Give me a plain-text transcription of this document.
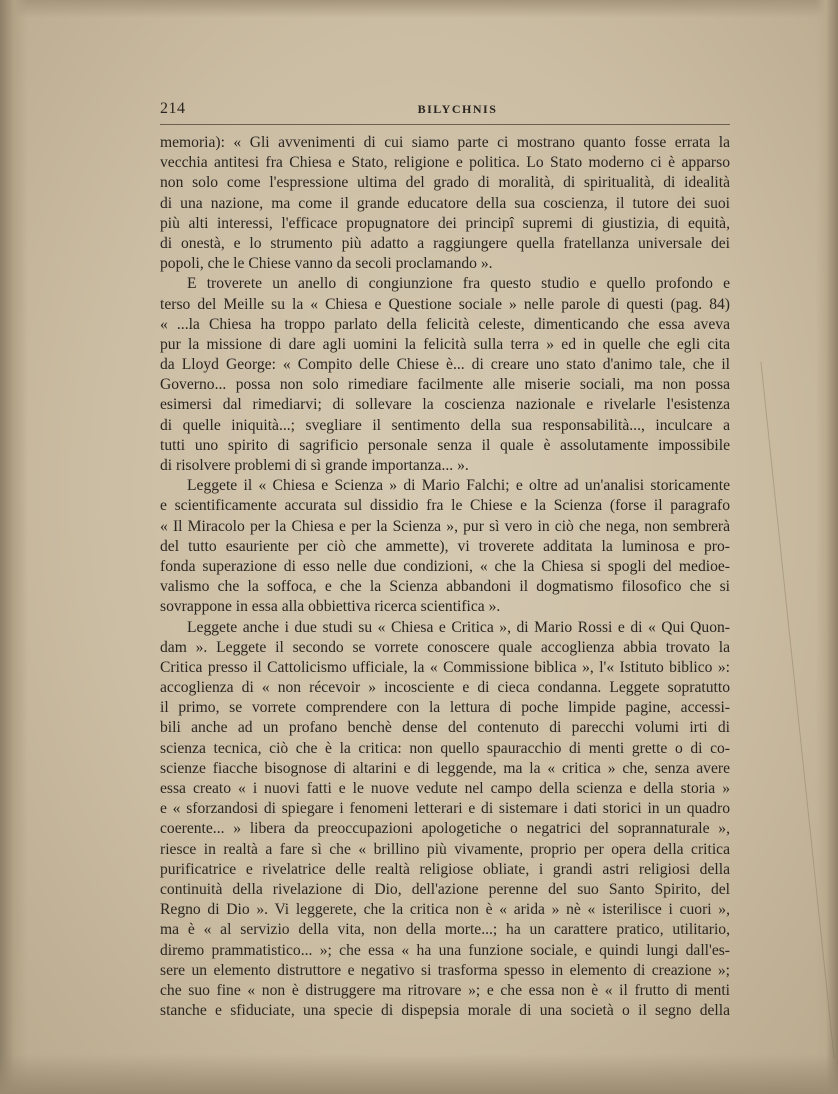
214	BILYCHNIS
memoria): « Gli avvenimenti di cui siamo parte ci mostrano quanto fosse errata la
vecchia antitesi fra Chiesa e Stato, religione e politica. Lo Stato moderno ci è apparso
non solo come l'espressione ultima del grado di moralità, di spiritualità, di idealità
di una nazione, ma come il grande educatore della sua coscienza, il tutore dei suoi
più alti interessi, l'efficace propugnatore dei principî supremi di giustizia, di equità,
di onestà, e lo strumento più adatto a raggiungere quella fratellanza universale dei
popoli, che le Chiese vanno da secoli proclamando ».
E troverete un anello di congiunzione fra questo studio e quello profondo e
terso del Meille su la « Chiesa e Questione sociale » nelle parole di questi (pag. 84)
« ...la Chiesa ha troppo parlato della felicità celeste, dimenticando che essa aveva
pur la missione di dare agli uomini la felicità sulla terra » ed in quelle che egli cita
da Lloyd George: « Compito delle Chiese è... di creare uno stato d'animo tale, che il
Governo... possa non solo rimediare facilmente alle miserie sociali, ma non possa
esimersi dal rimediarvi; di sollevare la coscienza nazionale e rivelarle l'esistenza
di quelle iniquità...; svegliare il sentimento della sua responsabilità..., inculcare a
tutti uno spirito di sagrificio personale senza il quale è assolutamente impossibile
di risolvere problemi di sì grande importanza... ».
Leggete il « Chiesa e Scienza » di Mario Falchi; e oltre ad un'analisi storicamente
e scientificamente accurata sul dissidio fra le Chiese e la Scienza (forse il paragrafo
« Il Miracolo per la Chiesa e per la Scienza », pur sì vero in ciò che nega, non sembrerà
del tutto esauriente per ciò che ammette), vi troverete additata la luminosa e pro-
fonda superazione di esso nelle due condizioni, « che la Chiesa si spogli del medioe-
valismo che la soffoca, e che la Scienza abbandoni il dogmatismo filosofico che si
sovrappone in essa alla obbiettiva ricerca scientifica ».
Leggete anche i due studi su « Chiesa e Critica », di Mario Rossi e di « Qui Quon-
dam ». Leggete il secondo se vorrete conoscere quale accoglienza abbia trovato la
Critica presso il Cattolicismo ufficiale, la « Commissione biblica », l'« Istituto biblico »:
accoglienza di « non récevoir » incosciente e di cieca condanna. Leggete sopratutto
il primo, se vorrete comprendere con la lettura di poche limpide pagine, accessi-
bili anche ad un profano benchè dense del contenuto di parecchi volumi irti di
scienza tecnica, ciò che è la critica: non quello spauracchio di menti grette o di co-
scienze fiacche bisognose di altarini e di leggende, ma la « critica » che, senza avere
essa creato « i nuovi fatti e le nuove vedute nel campo della scienza e della storia »
e « sforzandosi di spiegare i fenomeni letterari e di sistemare i dati storici in un quadro
coerente... » libera da preoccupazioni apologetiche o negatrici del soprannaturale »,
riesce in realtà a fare sì che « brillino più vivamente, proprio per opera della critica
purificatrice e rivelatrice delle realtà religiose obliate, i grandi astri religiosi della
continuità della rivelazione di Dio, dell'azione perenne del suo Santo Spirito, del
Regno di Dio ». Vi leggerete, che la critica non è « arida » nè « isterilisce i cuori »,
ma è « al servizio della vita, non della morte...; ha un carattere pratico, utilitario,
diremo prammatistico... »; che essa « ha una funzione sociale, e quindi lungi dall'es-
sere un elemento distruttore e negativo si trasforma spesso in elemento di creazione »;
che suo fine « non è distruggere ma ritrovare »; e che essa non è « il frutto di menti
stanche e sfiduciate, una specie di dispepsia morale di una società o il segno della
